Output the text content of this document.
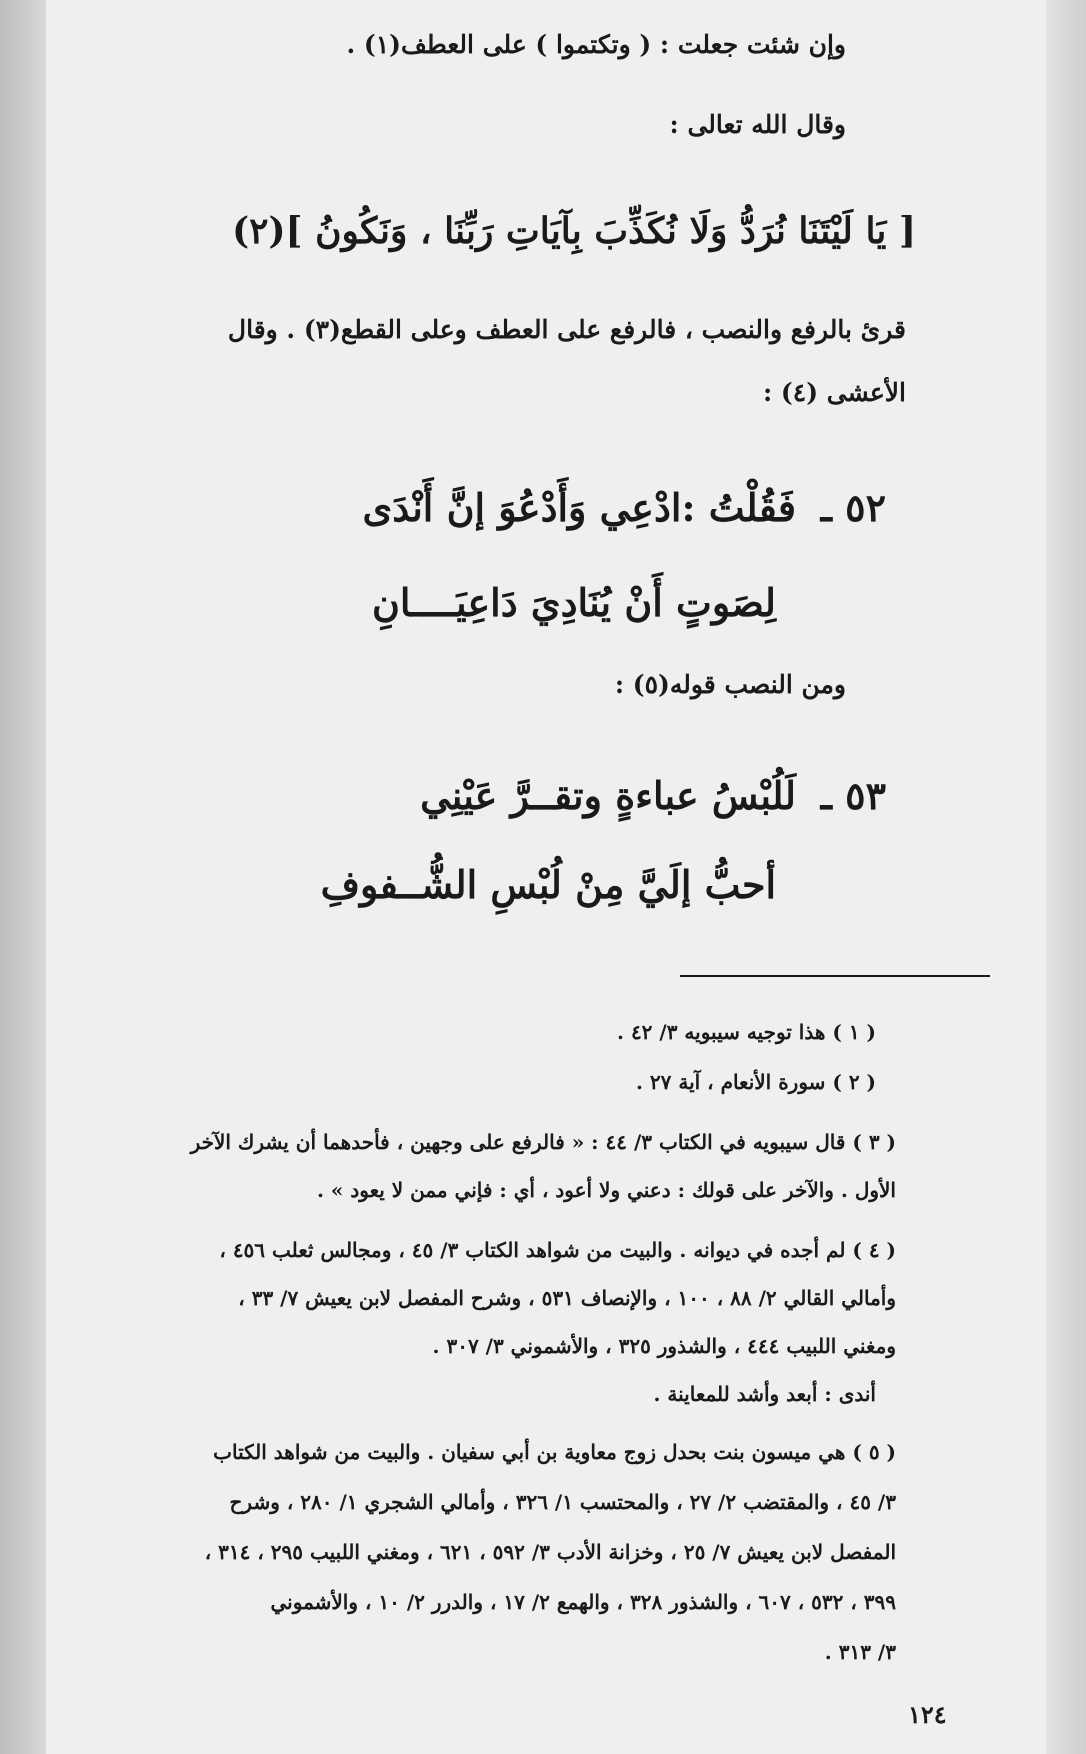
وإن شئت جعلت : ( وتكتموا ) على العطف(١) .
وقال الله تعالى :
[ يَا لَيْتَنَا نُرَدُّ وَلَا نُكَذِّبَ بِآيَاتِ رَبِّنَا ، وَنَكُونُ ](٢)
قرئ بالرفع والنصب ، فالرفع على العطف وعلى القطع(٣) . وقال
الأعشى (٤) :
٥٢ ـ
فَقُلْتُ :ادْعِي وَأَدْعُوَ إنَّ أَنْدَى
لِصَوتٍ أَنْ يُنَادِيَ دَاعِيَــــانِ
ومن النصب قوله(٥) :
٥٣ ـ
لَلُبْسُ عباءةٍ وتقــرَّ عَيْنِي
أحبُّ إلَيَّ مِنْ لُبْسِ الشُّــفوفِ
( ١ ) هذا توجيه سيبويه ٣/ ٤٢ .
( ٢ ) سورة الأنعام ، آية ٢٧ .
( ٣ ) قال سيبويه في الكتاب ٣/ ٤٤ : « فالرفع على وجهين ، فأحدهما أن يشرك الآخر
الأول . والآخر على قولك : دعني ولا أعود ، أي : فإني ممن لا يعود » .
( ٤ ) لم أجده في ديوانه . والبيت من شواهد الكتاب ٣/ ٤٥ ، ومجالس ثعلب ٤٥٦ ،
وأمالي القالي ٢/ ٨٨ ، ١٠٠ ، والإنصاف ٥٣١ ، وشرح المفصل لابن يعيش ٧/ ٣٣ ،
ومغني اللبيب ٤٤٤ ، والشذور ٣٢٥ ، والأشموني ٣/ ٣٠٧ .
أندى : أبعد وأشد للمعاينة .
( ٥ ) هي ميسون بنت بحدل زوج معاوية بن أبي سفيان . والبيت من شواهد الكتاب
٣/ ٤٥ ، والمقتضب ٢/ ٢٧ ، والمحتسب ١/ ٣٢٦ ، وأمالي الشجري ١/ ٢٨٠ ، وشرح
المفصل لابن يعيش ٧/ ٢٥ ، وخزانة الأدب ٣/ ٥٩٢ ، ٦٢١ ، ومغني اللبيب ٢٩٥ ، ٣١٤ ،
٣٩٩ ، ٥٣٢ ، ٦٠٧ ، والشذور ٣٢٨ ، والهمع ٢/ ١٧ ، والدرر ٢/ ١٠ ، والأشموني
٣/ ٣١٣ .
١٢٤
